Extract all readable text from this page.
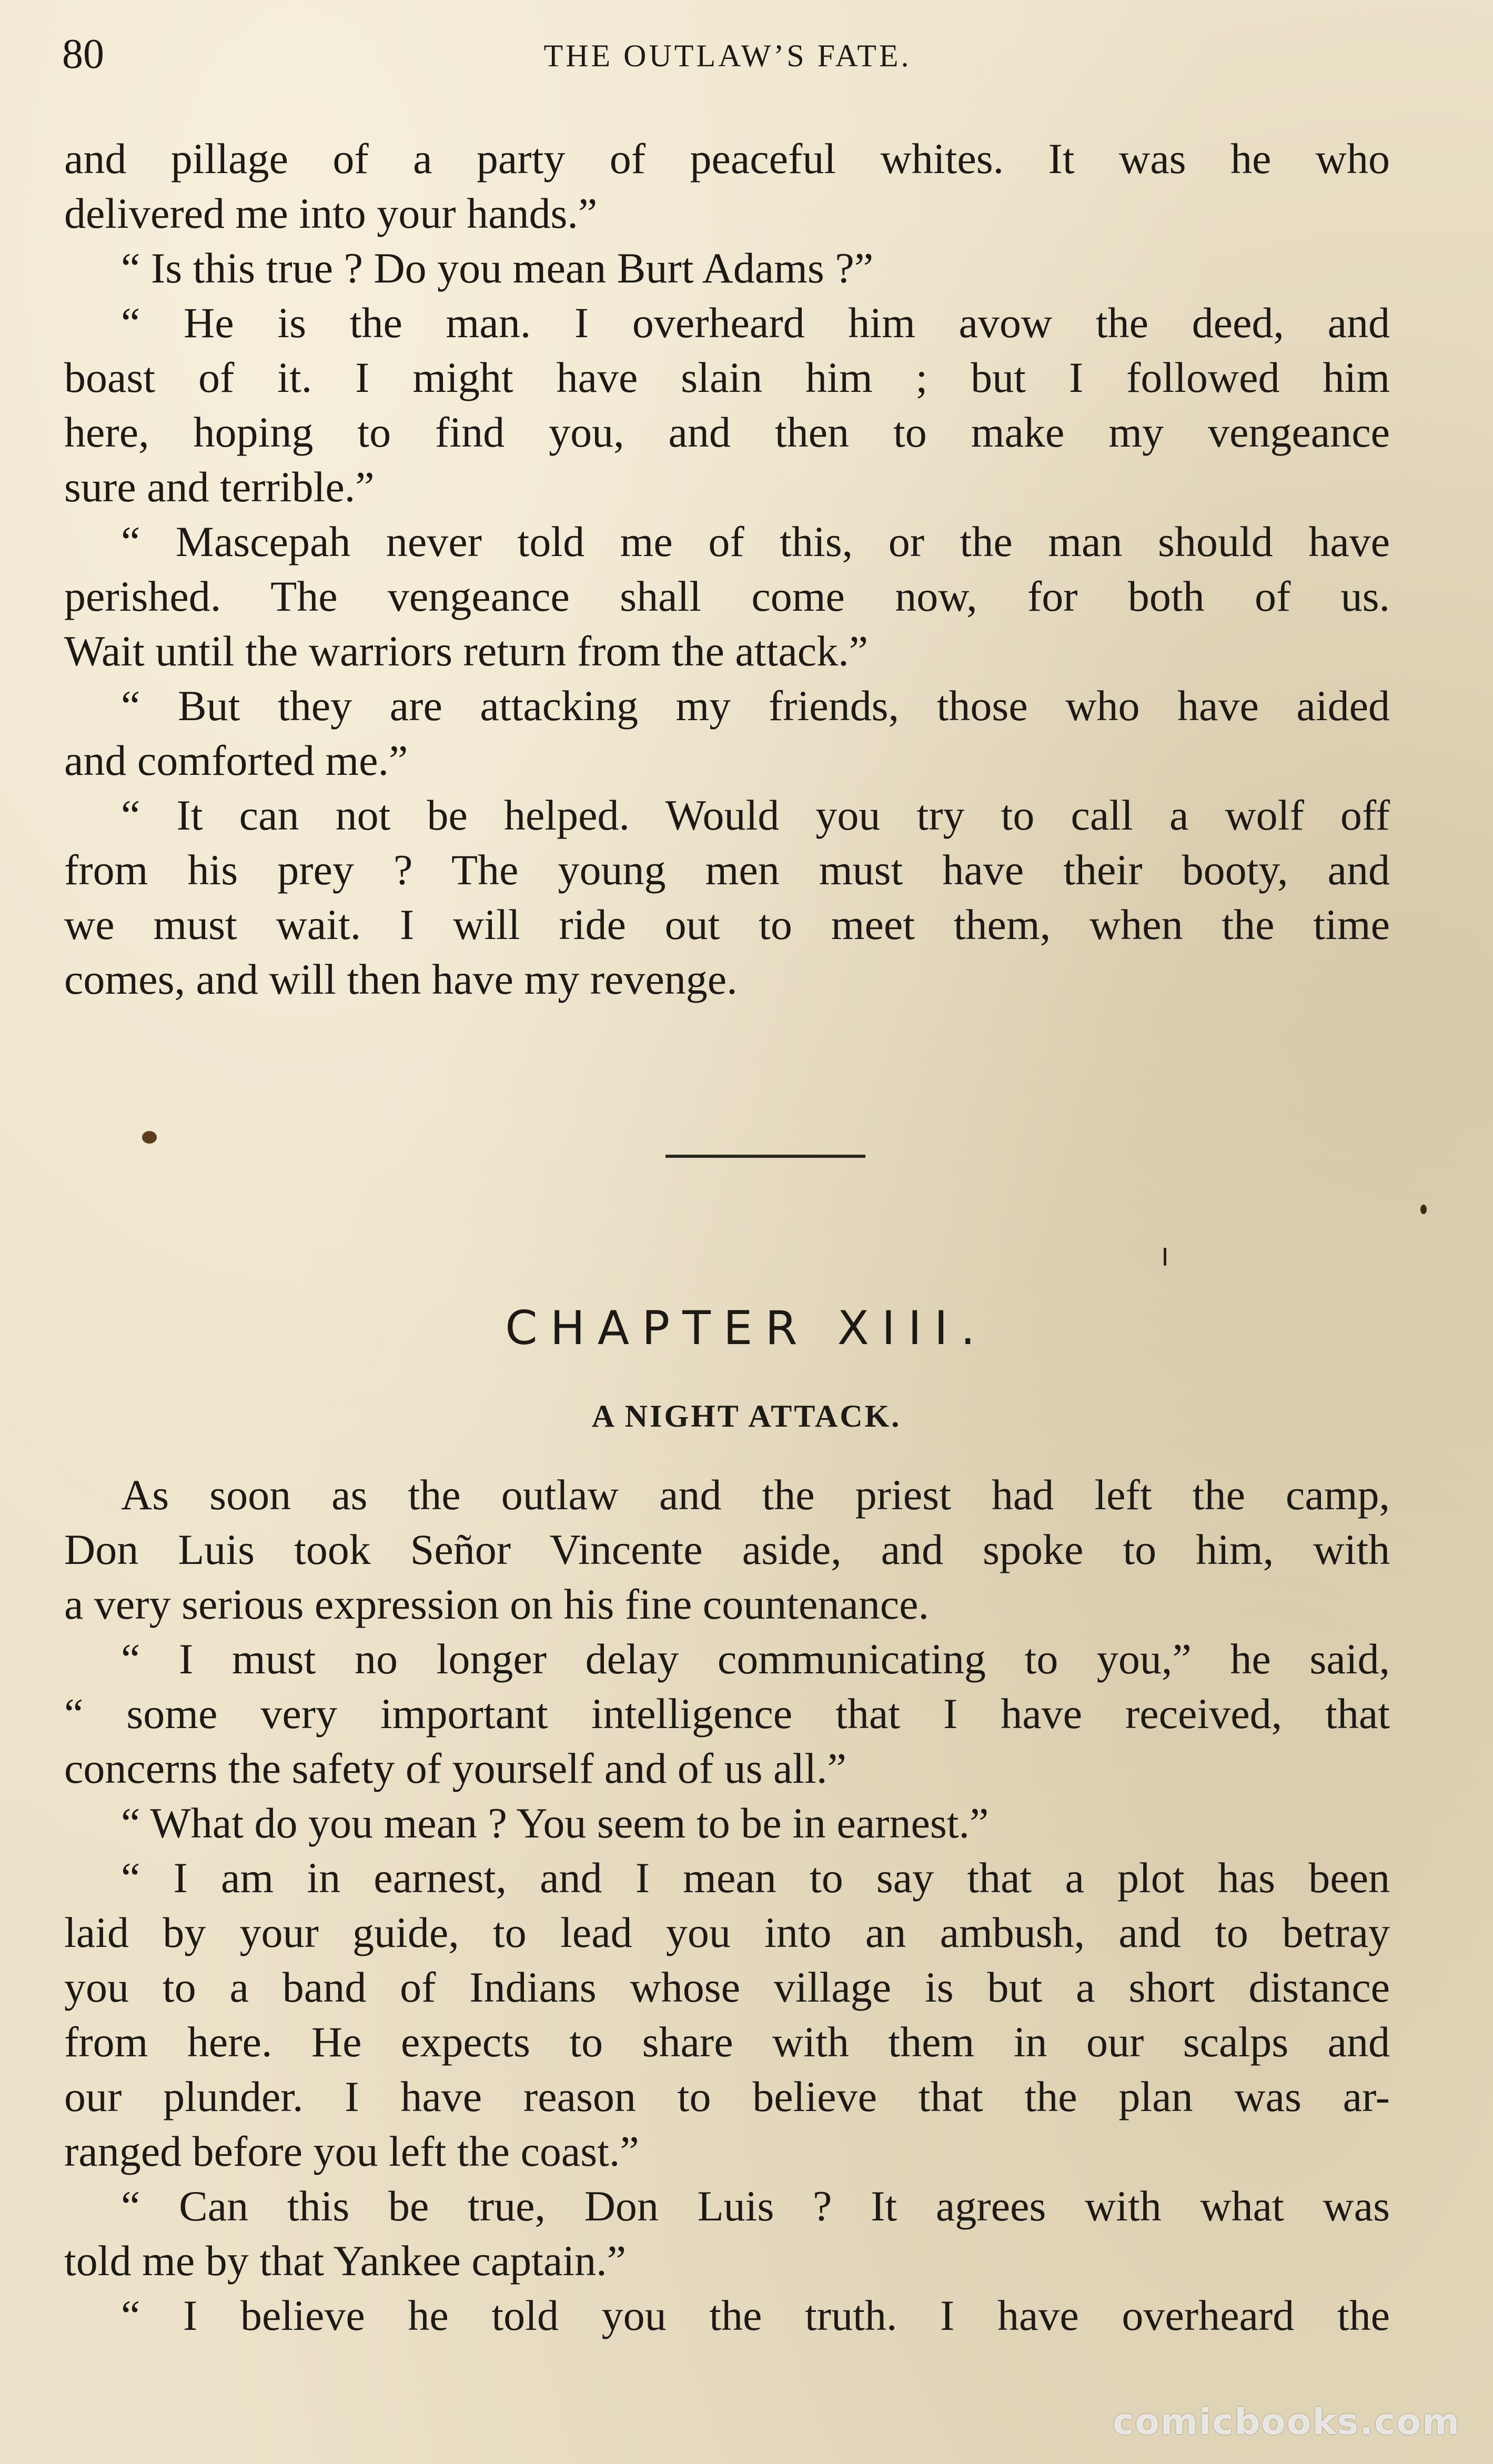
80	THE OUTLAW’S FATE.
and pillage of a party of peaceful whites. It was he who
delivered me into your hands.”
“ Is this true ? Do you mean Burt Adams ?”
“ He is the man. I overheard him avow the deed, and
boast of it. I might have slain him ; but I followed him
here, hoping to find you, and then to make my vengeance
sure and terrible.”
“ Mascepah never told me of this, or the man should have
perished. The vengeance shall come now, for both of us.
Wait until the warriors return from the attack.”
“ But they are attacking my friends, those who have aided
and comforted me.”
“ It can not be helped. Would you try to call a wolf off
from his prey ? The young men must have their booty, and
we must wait. I will ride out to meet them, when the time
comes, and will then have my revenge.
CHAPTER XIII.
A NIGHT ATTACK.
As soon as the outlaw and the priest had left the camp,
Don Luis took Señor Vincente aside, and spoke to him, with
a very serious expression on his fine countenance.
“ I must no longer delay communicating to you,” he said,
“ some very important intelligence that I have received, that
concerns the safety of yourself and of us all.”
“ What do you mean ? You seem to be in earnest.”
“ I am in earnest, and I mean to say that a plot has been
laid by your guide, to lead you into an ambush, and to betray
you to a band of Indians whose village is but a short distance
from here. He expects to share with them in our scalps and
our plunder. I have reason to believe that the plan was ar-
ranged before you left the coast.”
“ Can this be true, Don Luis ? It agrees with what was
told me by that Yankee captain.”
“ I believe he told you the truth. I have overheard the
comicbooks.com
